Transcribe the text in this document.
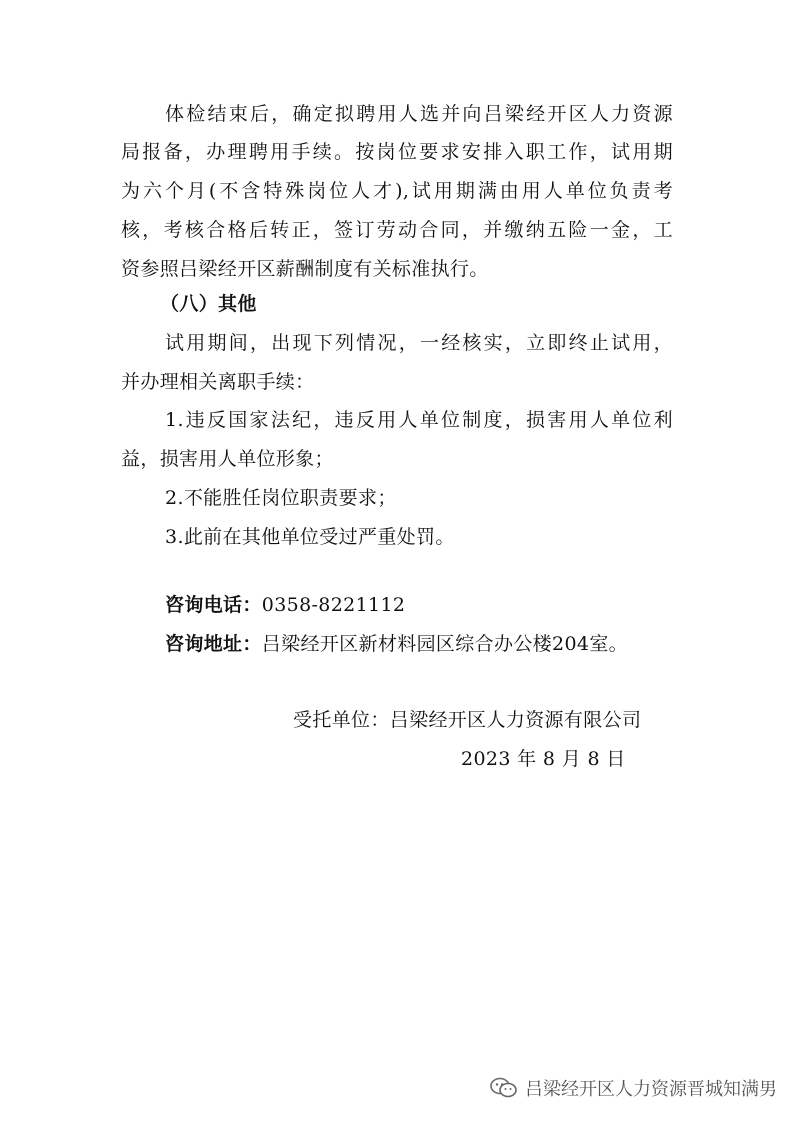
体检结束后，确定拟聘用人选并向吕梁经开区人力资源
局报备，办理聘用手续。按岗位要求安排入职工作，试用期
为六个月(不含特殊岗位人才),试用期满由用人单位负责考
核，考核合格后转正，签订劳动合同，并缴纳五险一金，工
资参照吕梁经开区薪酬制度有关标准执行。
（八）其他
试用期间，出现下列情况，一经核实，立即终止试用，
并办理相关离职手续：
1.违反国家法纪，违反用人单位制度，损害用人单位利
益，损害用人单位形象；
2.不能胜任岗位职责要求；
3.此前在其他单位受过严重处罚。
咨询电话：0358-8221112
咨询地址：吕梁经开区新材料园区综合办公楼204室。
受托单位：吕梁经开区人力资源有限公司
2023 年 8 月 8 日
吕梁经开区人力资源晋城知满男
